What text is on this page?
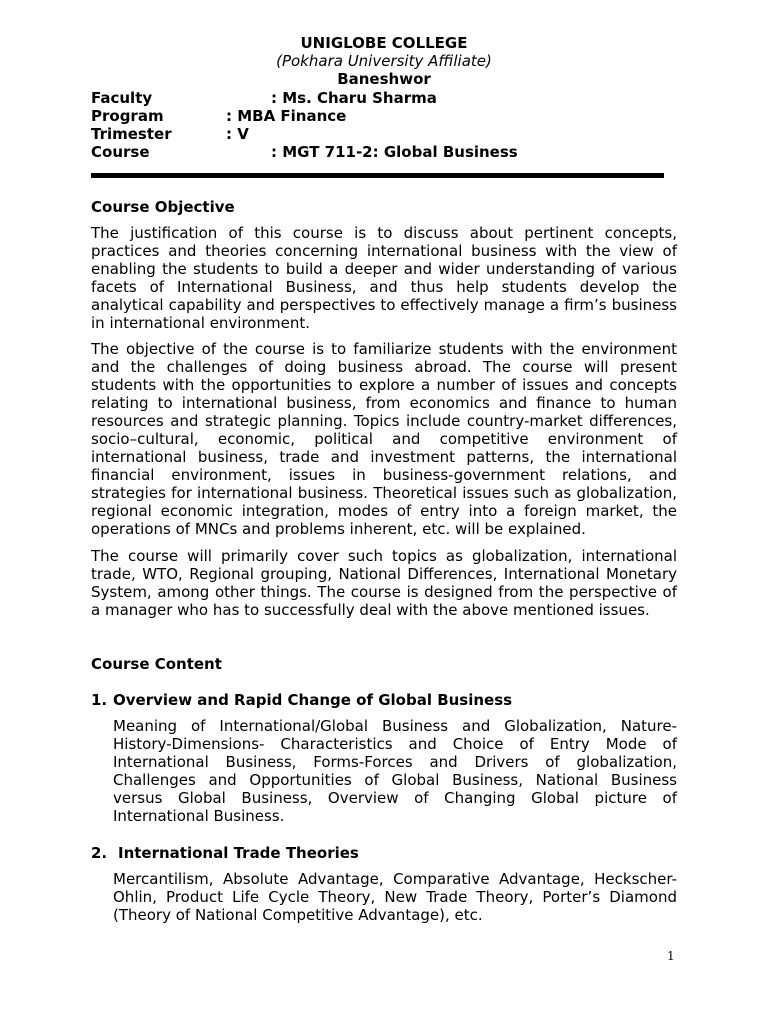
UNIGLOBE COLLEGE
(Pokhara University Affiliate)
Baneshwor
Faculty	: Ms. Charu Sharma
Program	: MBA Finance
Trimester	: V
Course	: MGT 711-2: Global Business
Course Objective
The justification of this course is to discuss about pertinent concepts,
practices and theories concerning international business with the view of
enabling the students to build a deeper and wider understanding of various
facets of International Business, and thus help students develop the
analytical capability and perspectives to effectively manage a firm’s business
in international environment.
The objective of the course is to familiarize students with the environment
and the challenges of doing business abroad. The course will present
students with the opportunities to explore a number of issues and concepts
relating to international business, from economics and finance to human
resources and strategic planning. Topics include country-market differences,
socio–cultural, economic, political and competitive environment of
international business, trade and investment patterns, the international
financial environment, issues in business-government relations, and
strategies for international business. Theoretical issues such as globalization,
regional economic integration, modes of entry into a foreign market, the
operations of MNCs and problems inherent, etc. will be explained.
The course will primarily cover such topics as globalization, international
trade, WTO, Regional grouping, National Differences, International Monetary
System, among other things. The course is designed from the perspective of
a manager who has to successfully deal with the above mentioned issues.
Course Content
1. Overview and Rapid Change of Global Business
Meaning of International/Global Business and Globalization, Nature-
History-Dimensions- Characteristics and Choice of Entry Mode of
International Business, Forms-Forces and Drivers of globalization,
Challenges and Opportunities of Global Business, National Business
versus Global Business, Overview of Changing Global picture of
International Business.
2. International Trade Theories
Mercantilism, Absolute Advantage, Comparative Advantage, Heckscher-
Ohlin, Product Life Cycle Theory, New Trade Theory, Porter’s Diamond
(Theory of National Competitive Advantage), etc.
1
